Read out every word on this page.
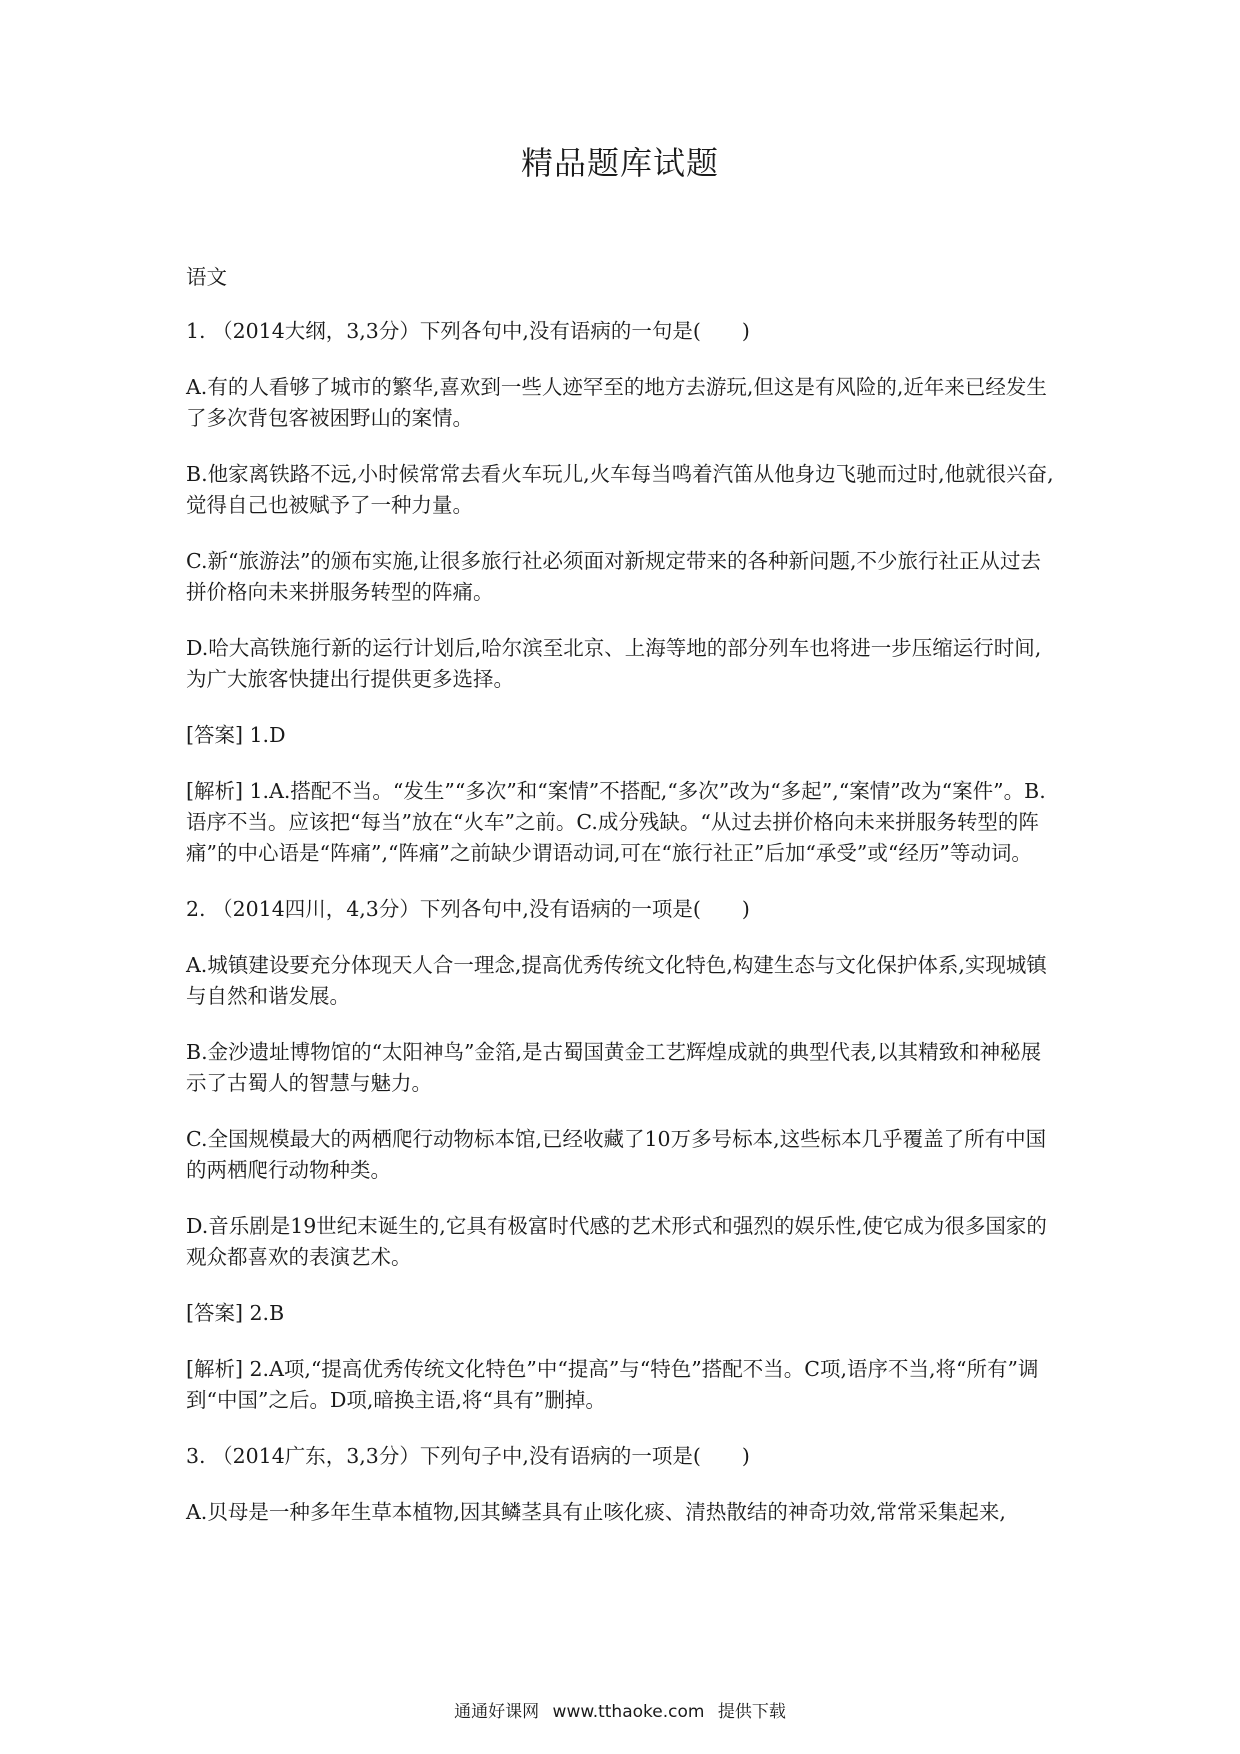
精品题库试题

语文

1. （2014大纲，3,3分）下列各句中,没有语病的一句是(　　)

A.有的人看够了城市的繁华,喜欢到一些人迹罕至的地方去游玩,但这是有风险的,近年来已经发生了多次背包客被困野山的案情。

B.他家离铁路不远,小时候常常去看火车玩儿,火车每当鸣着汽笛从他身边飞驰而过时,他就很兴奋,觉得自己也被赋予了一种力量。

C.新“旅游法”的颁布实施,让很多旅行社必须面对新规定带来的各种新问题,不少旅行社正从过去拼价格向未来拼服务转型的阵痛。

D.哈大高铁施行新的运行计划后,哈尔滨至北京、上海等地的部分列车也将进一步压缩运行时间,为广大旅客快捷出行提供更多选择。

[答案] 1.D

[解析] 1.A.搭配不当。“发生”“多次”和“案情”不搭配,“多次”改为“多起”,“案情”改为“案件”。B.语序不当。应该把“每当”放在“火车”之前。C.成分残缺。“从过去拼价格向未来拼服务转型的阵痛”的中心语是“阵痛”,“阵痛”之前缺少谓语动词,可在“旅行社正”后加“承受”或“经历”等动词。

2. （2014四川，4,3分）下列各句中,没有语病的一项是(　　)

A.城镇建设要充分体现天人合一理念,提高优秀传统文化特色,构建生态与文化保护体系,实现城镇与自然和谐发展。

B.金沙遗址博物馆的“太阳神鸟”金箔,是古蜀国黄金工艺辉煌成就的典型代表,以其精致和神秘展示了古蜀人的智慧与魅力。

C.全国规模最大的两栖爬行动物标本馆,已经收藏了10万多号标本,这些标本几乎覆盖了所有中国的两栖爬行动物种类。

D.音乐剧是19世纪末诞生的,它具有极富时代感的艺术形式和强烈的娱乐性,使它成为很多国家的观众都喜欢的表演艺术。

[答案] 2.B

[解析] 2.A项,“提高优秀传统文化特色”中“提高”与“特色”搭配不当。C项,语序不当,将“所有”调到“中国”之后。D项,暗换主语,将“具有”删掉。

3. （2014广东，3,3分）下列句子中,没有语病的一项是(　　)

A.贝母是一种多年生草本植物,因其鳞茎具有止咳化痰、清热散结的神奇功效,常常采集起来,

通通好课网 www.tthaoke.com 提供下载
